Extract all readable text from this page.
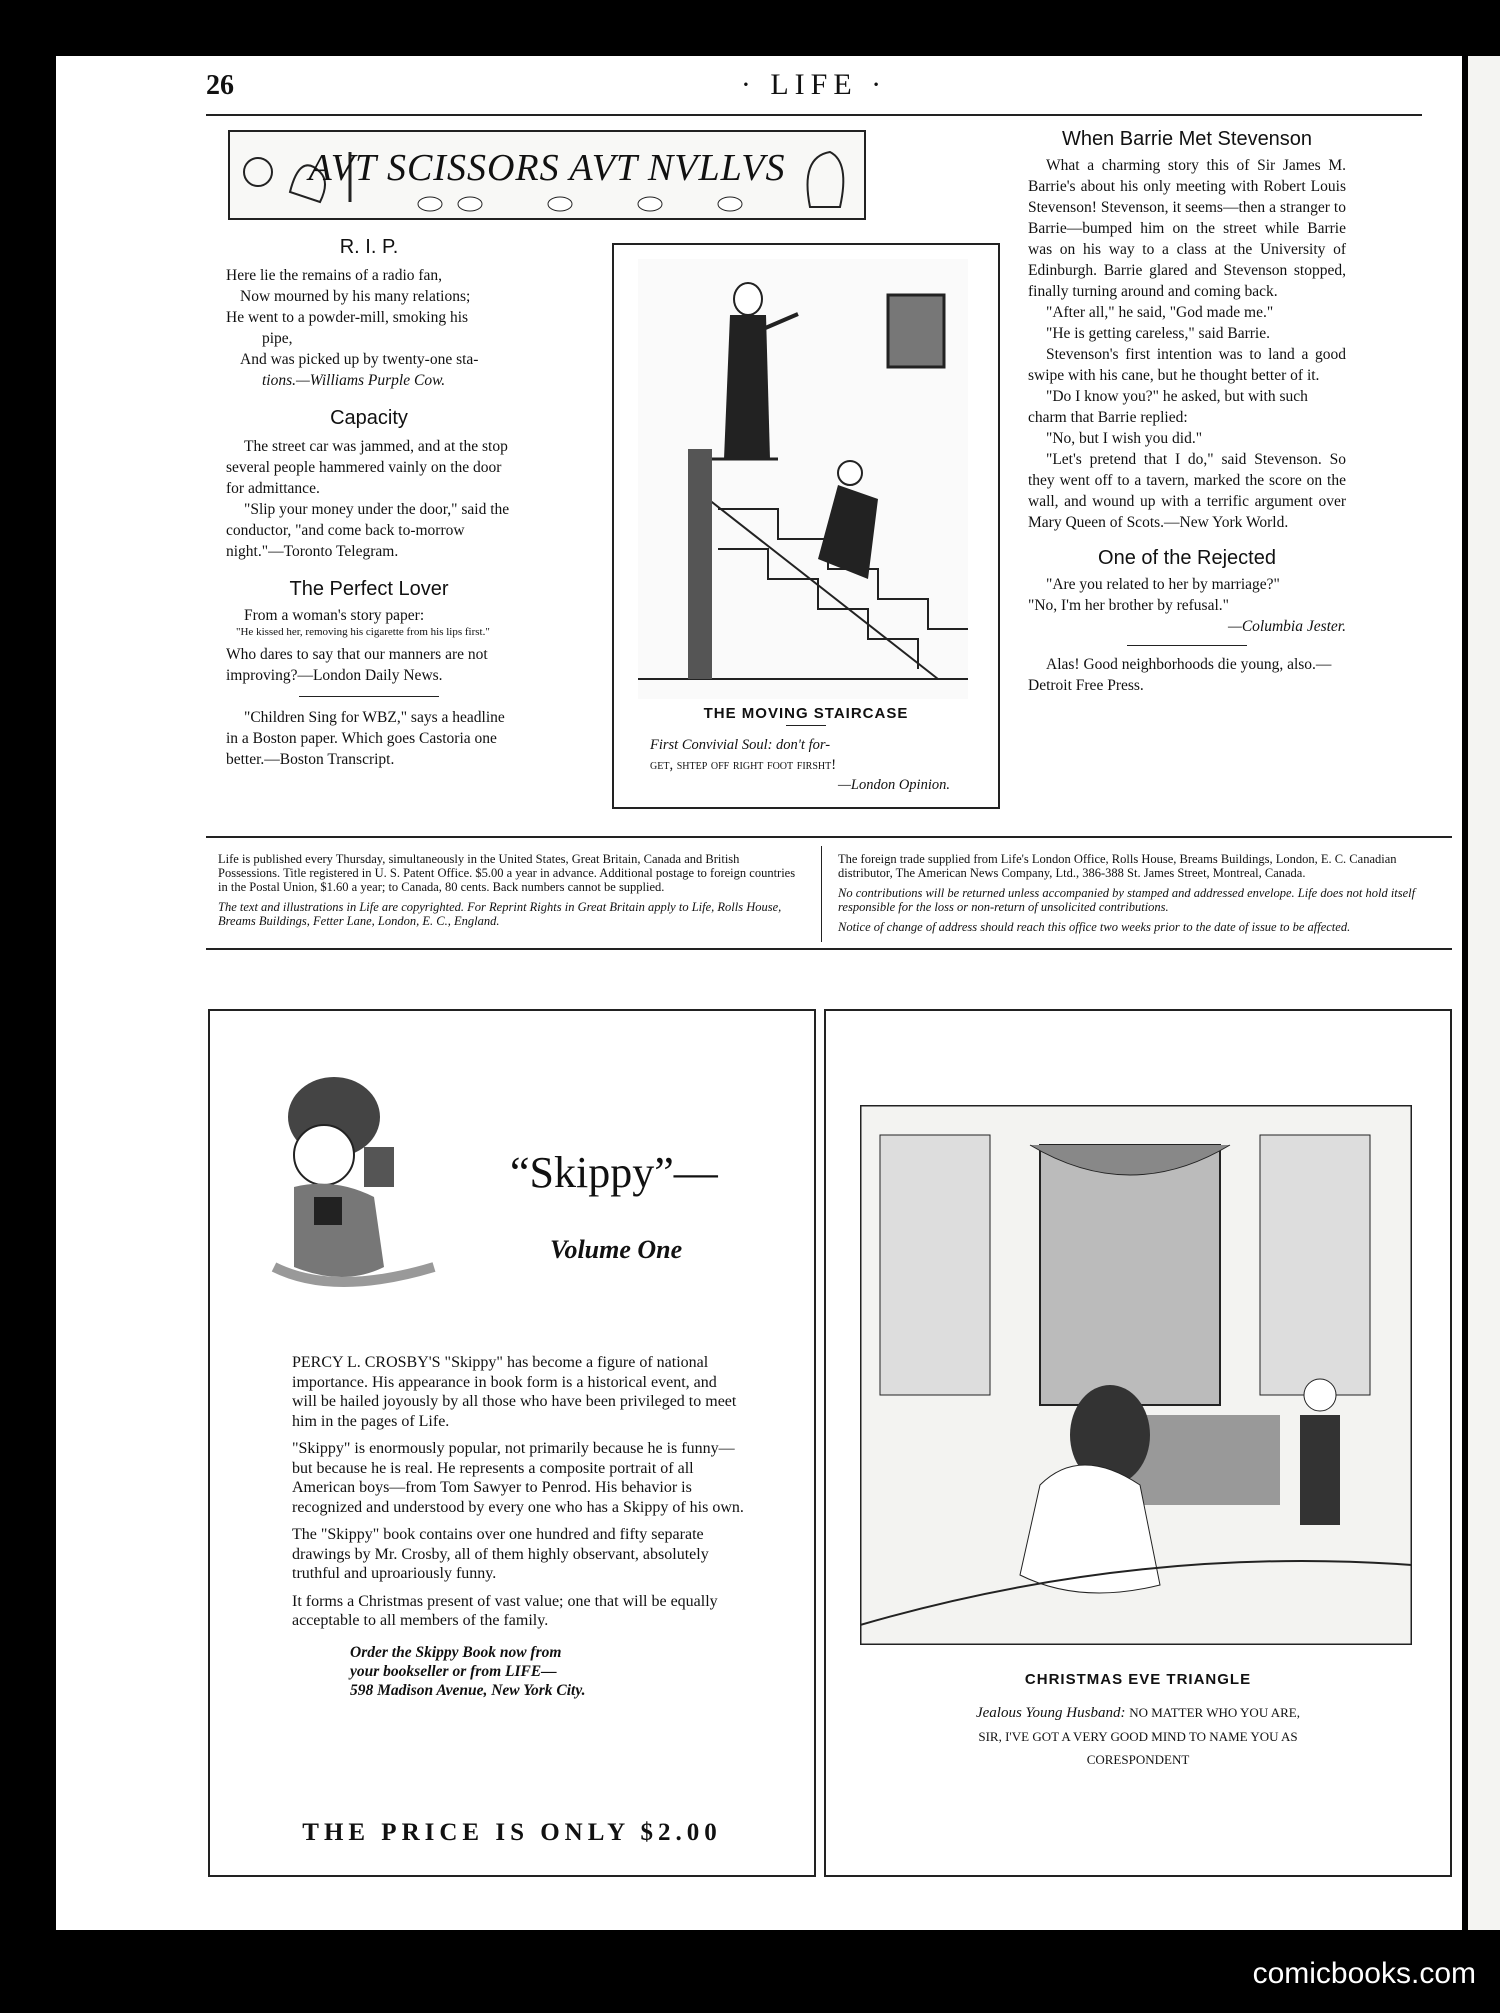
26	· LIFE ·
AVT SCISSORS AVT NVLLVS
R. I. P.

Here lie the remains of a radio fan,

Now mourned by his many relations;

He went to a powder-mill, smoking his

pipe,

And was picked up by twenty-one sta-

tions.—Williams Purple Cow.

Capacity

The street car was jammed, and at the stop several people hammered vainly on the door for admittance.

"Slip your money under the door," said the conductor, "and come back to-morrow night."—Toronto Telegram.

The Perfect Lover

From a woman's story paper:

"He kissed her, removing his cigarette from his lips first."

Who dares to say that our manners are not improving?—London Daily News.

"Children Sing for WBZ," says a headline in a Boston paper. Which goes Castoria one better.—Boston Transcript.

THE MOVING STAIRCASE
First Convivial Soul: don't for-
get, shtep off right foot firsht!
—London Opinion.
When Barrie Met Stevenson

What a charming story this of Sir James M. Barrie's about his only meeting with Robert Louis Stevenson! Stevenson, it seems—then a stranger to Barrie—bumped him on the street while Barrie was on his way to a class at the University of Edinburgh. Barrie glared and Stevenson stopped, finally turning around and coming back.

"After all," he said, "God made me."

"He is getting careless," said Barrie.

Stevenson's first intention was to land a good swipe with his cane, but he thought better of it.

"Do I know you?" he asked, but with such charm that Barrie replied:

"No, but I wish you did."

"Let's pretend that I do," said Stevenson. So they went off to a tavern, marked the score on the wall, and wound up with a terrific argument over Mary Queen of Scots.—New York World.

One of the Rejected

"Are you related to her by marriage?"

"No, I'm her brother by refusal."

—Columbia Jester.

Alas! Good neighborhoods die young, also.—Detroit Free Press.

Life is published every Thursday, simultaneously in the United States, Great Britain, Canada and British Possessions. Title registered in U. S. Patent Office. $5.00 a year in advance. Additional postage to foreign countries in the Postal Union, $1.60 a year; to Canada, 80 cents. Back numbers cannot be supplied.
The text and illustrations in Life are copyrighted. For Reprint Rights in Great Britain apply to Life, Rolls House, Breams Buildings, Fetter Lane, London, E. C., England.
The foreign trade supplied from Life's London Office, Rolls House, Breams Buildings, London, E. C. Canadian distributor, The American News Company, Ltd., 386-388 St. James Street, Montreal, Canada.
No contributions will be returned unless accompanied by stamped and addressed envelope. Life does not hold itself responsible for the loss or non-return of unsolicited contributions.
Notice of change of address should reach this office two weeks prior to the date of issue to be affected.
“Skippy”—
Volume One

PERCY L. CROSBY'S "Skippy" has become a figure of national importance. His appearance in book form is a historical event, and will be hailed joyously by all those who have been privileged to meet him in the pages of Life.

"Skippy" is enormously popular, not primarily because he is funny—but because he is real. He represents a composite portrait of all American boys—from Tom Sawyer to Penrod. His behavior is recognized and understood by every one who has a Skippy of his own.

The "Skippy" book contains over one hundred and fifty separate drawings by Mr. Crosby, all of them highly observant, absolutely truthful and uproariously funny.

It forms a Christmas present of vast value; one that will be equally acceptable to all members of the family.

Order the Skippy Book now from
your bookseller or from LIFE—
598 Madison Avenue, New York City.
THE PRICE IS ONLY $2.00
CHRISTMAS EVE TRIANGLE
Jealous Young Husband: NO MATTER WHO YOU ARE,
SIR, I'VE GOT A VERY GOOD MIND TO NAME YOU AS
CORESPONDENT
comicbooks.com
